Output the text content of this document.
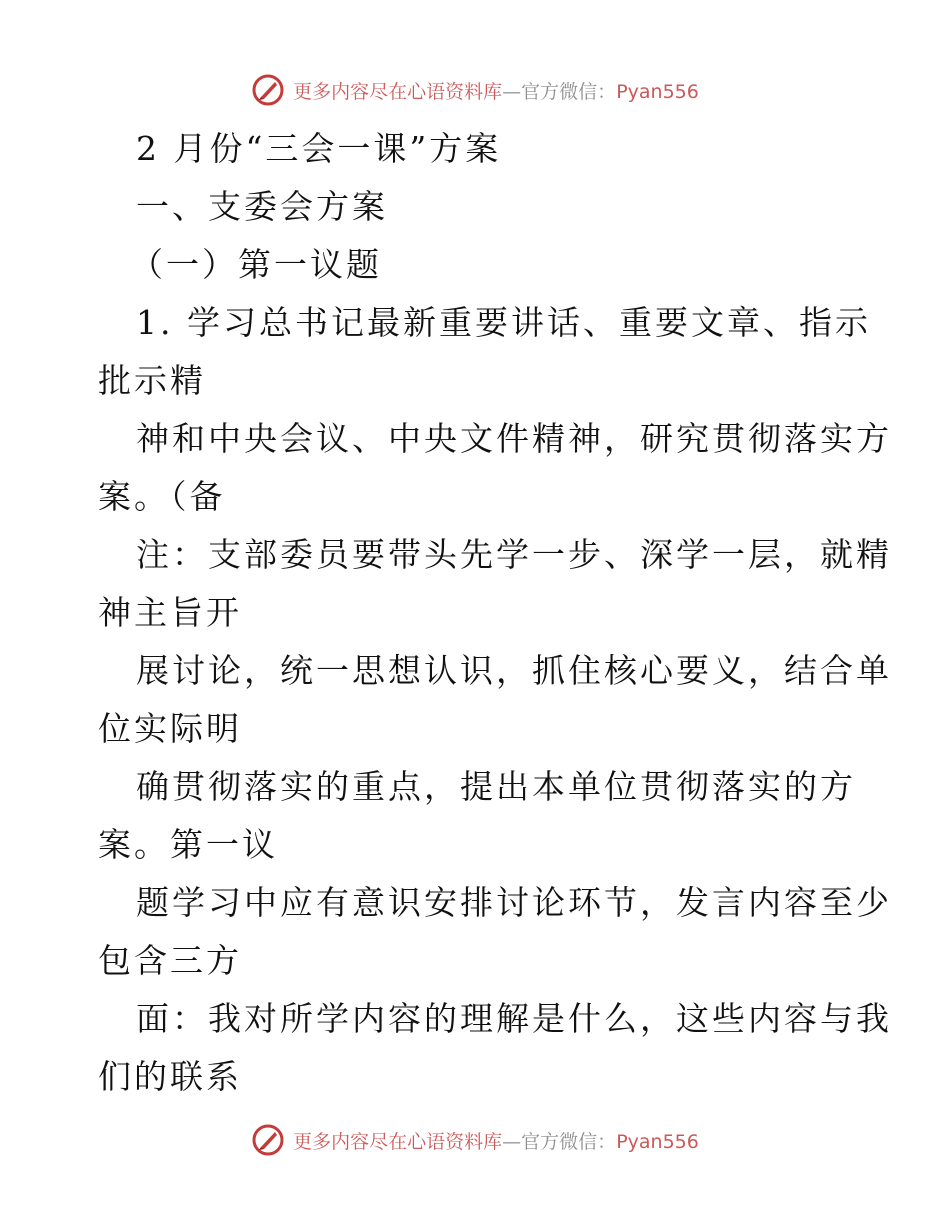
更多内容尽在心语资料库—官方微信：Pyan556
2 月份“三会一课”方案
一、支委会方案
（一）第一议题
1. 学习总书记最新重要讲话、重要文章、指示
批示精
神和中央会议、中央文件精神，研究贯彻落实方
案。（备
注：支部委员要带头先学一步、深学一层，就精
神主旨开
展讨论，统一思想认识，抓住核心要义，结合单
位实际明
确贯彻落实的重点，提出本单位贯彻落实的方
案。第一议
题学习中应有意识安排讨论环节，发言内容至少
包含三方
面：我对所学内容的理解是什么，这些内容与我
们的联系
更多内容尽在心语资料库—官方微信：Pyan556
